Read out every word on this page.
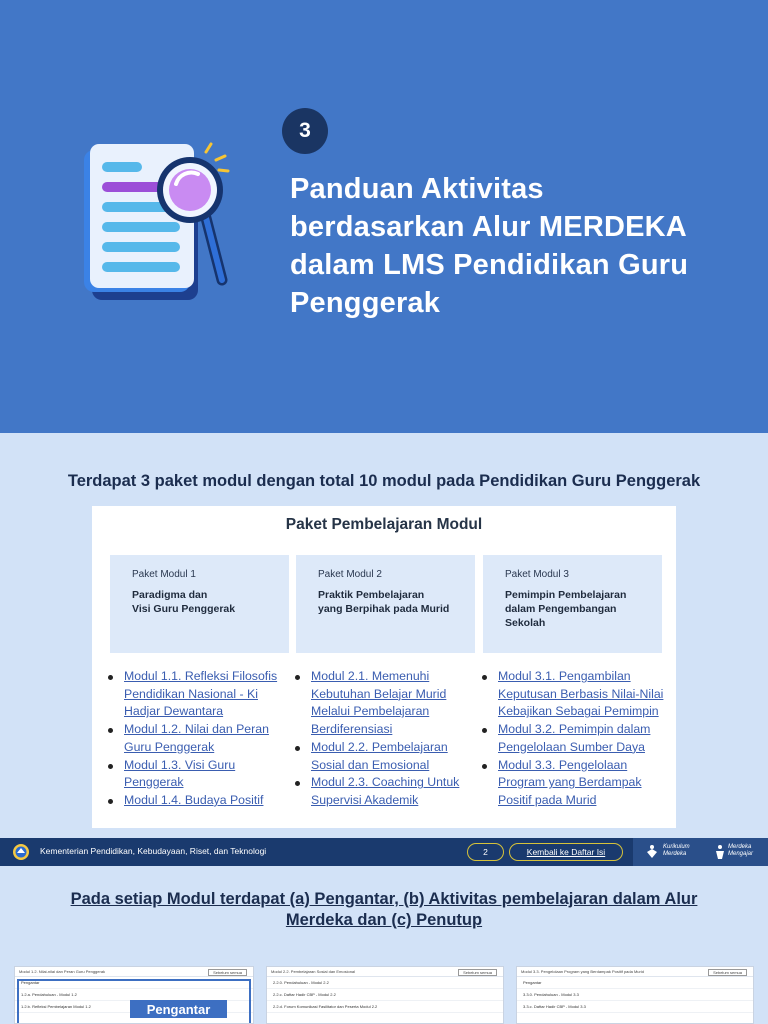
3
Panduan Aktivitas
berdasarkan Alur MERDEKA
dalam LMS Pendidikan Guru
Penggerak
Terdapat 3 paket modul dengan total 10 modul pada Pendidikan Guru Penggerak
Paket Pembelajaran Modul
Paket Modul 1
Paradigma dan
Visi Guru Penggerak
Paket Modul 2
Praktik Pembelajaran
yang Berpihak pada Murid
Paket Modul 3
Pemimpin Pembelajaran
dalam Pengembangan
Sekolah
Modul 1.1. Refleksi Filosofis
Pendidikan Nasional - Ki
Hadjar Dewantara
Modul 1.2. Nilai dan Peran
Guru Penggerak
Modul 1.3. Visi Guru
Penggerak
Modul 1.4. Budaya Positif
Modul 2.1. Memenuhi
Kebutuhan Belajar Murid
Melalui Pembelajaran
Berdiferensiasi
Modul 2.2. Pembelajaran
Sosial dan Emosional
Modul 2.3. Coaching Untuk
Supervisi Akademik
Modul 3.1. Pengambilan
Keputusan Berbasis Nilai-Nilai
Kebajikan Sebagai Pemimpin
Modul 3.2. Pemimpin dalam
Pengelolaan Sumber Daya
Modul 3.3. Pengelolaan
Program yang Berdampak
Positif pada Murid
Kementerian Pendidikan, Kebudayaan, Riset, dan Teknologi	2	Kembali ke Daftar Isi	Kurikulum
Merdeka
Merdeka
Mengajar
Pada setiap Modul terdapat (a) Pengantar, (b) Aktivitas pembelajaran dalam Alur
Merdeka dan (c) Penutup
Modul 1.2. Nilai-nilai dan Peran Guru Penggerak	Sebelum semua
Pengantar
1.2.a. Pendahuluan - Modul 1.2
1.2.b. Refleksi Pembelajaran Modul 1.2
Modul 2.2. Pembelajaran Sosial dan Emosional	Sebelum semua
2.2.0. Pendahuluan - Modul 2.2
2.2.c. Daftar Hadir CBP - Modul 2.2
2.2.d. Forum Komunikasi Fasilitator dan Peserta Modul 2.2
Modul 3.3. Pengelolaan Program yang Berdampak Positif pada Murid	Sebelum semua
Pengantar
3.3.0. Pendahuluan - Modul 3.3
3.3.c. Daftar Hadir CBP - Modul 3.3
Pengantar
